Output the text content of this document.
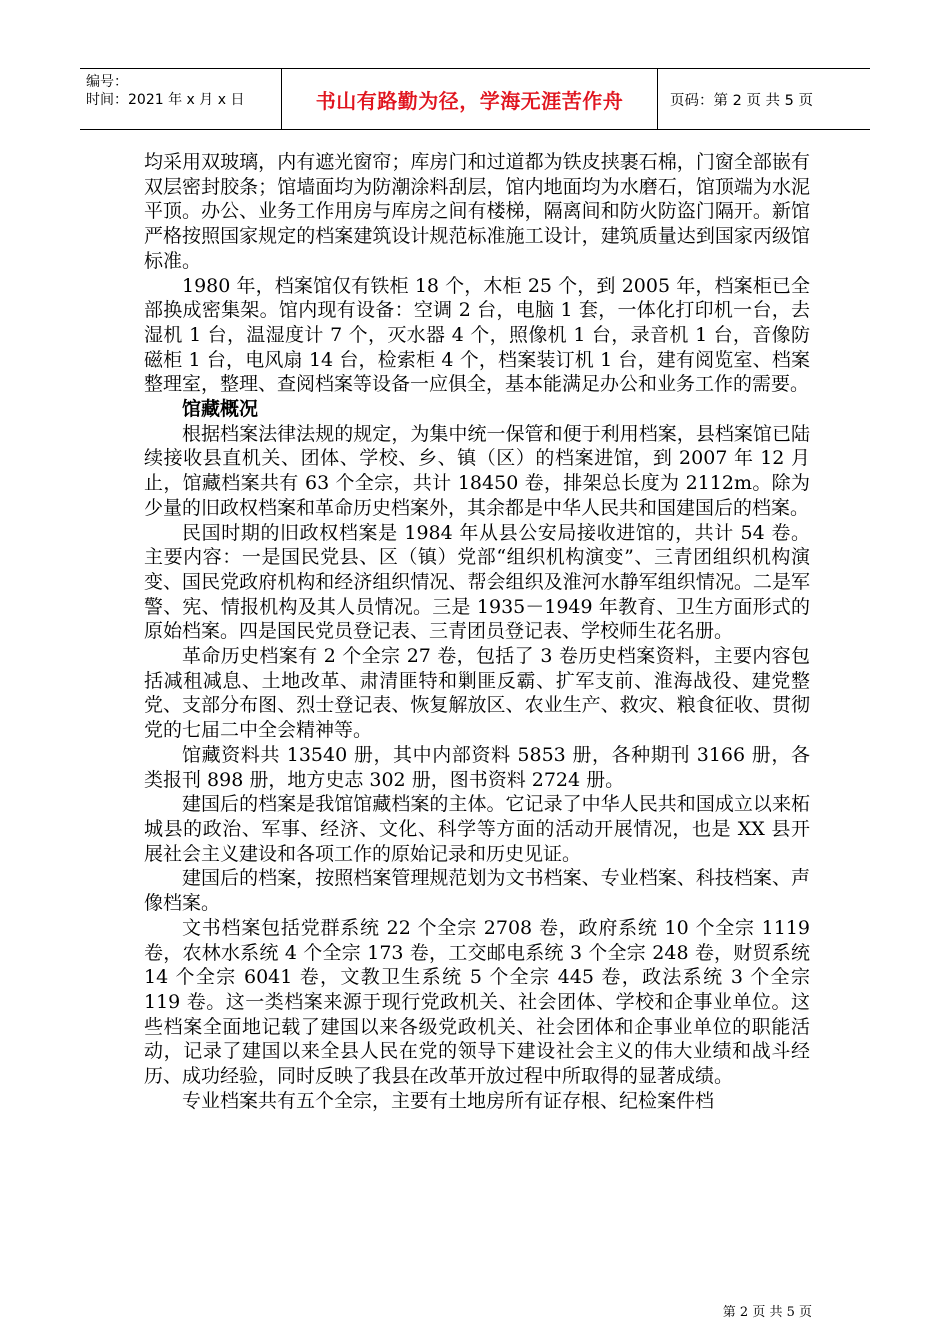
编号：
时间：2021 年 x 月 x 日	书山有路勤为径，学海无涯苦作舟	页码：第 2 页 共 5 页

均采用双玻璃，内有遮光窗帘；库房门和过道都为铁皮挟裹石棉，门窗全部嵌有双层密封胶条；馆墙面均为防潮涂料刮层，馆内地面均为水磨石，馆顶端为水泥平顶。办公、业务工作用房与库房之间有楼梯，隔离间和防火防盗门隔开。新馆严格按照国家规定的档案建筑设计规范标准施工设计，建筑质量达到国家丙级馆标准。

1980 年，档案馆仅有铁柜 18 个，木柜 25 个，到 2005 年，档案柜已全部换成密集架。馆内现有设备：空调 2 台，电脑 1 套，一体化打印机一台，去湿机 1 台，温湿度计 7 个，灭水器 4 个，照像机 1 台，录音机 1 台，音像防磁柜 1 台，电风扇 14 台，检索柜 4 个，档案装订机 1 台，建有阅览室、档案整理室，整理、查阅档案等设备一应俱全，基本能满足办公和业务工作的需要。

馆藏概况

根据档案法律法规的规定，为集中统一保管和便于利用档案，县档案馆已陆续接收县直机关、团体、学校、乡、镇（区）的档案进馆，到 2007 年 12 月止，馆藏档案共有 63 个全宗，共计 18450 卷，排架总长度为 2112m。除为少量的旧政权档案和革命历史档案外，其余都是中华人民共和国建国后的档案。

民国时期的旧政权档案是 1984 年从县公安局接收进馆的，共计 54 卷。主要内容：一是国民党县、区（镇）党部“组织机构演变”、三青团组织机构演变、国民党政府机构和经济组织情况、帮会组织及淮河水静军组织情况。二是军警、宪、情报机构及其人员情况。三是 1935－1949 年教育、卫生方面形式的原始档案。四是国民党员登记表、三青团员登记表、学校师生花名册。

革命历史档案有 2 个全宗 27 卷，包括了 3 卷历史档案资料，主要内容包括减租减息、土地改革、肃清匪特和剿匪反霸、扩军支前、淮海战役、建党整党、支部分布图、烈士登记表、恢复解放区、农业生产、救灾、粮食征收、贯彻党的七届二中全会精神等。

馆藏资料共 13540 册，其中内部资料 5853 册，各种期刊 3166 册，各类报刊 898 册，地方史志 302 册，图书资料 2724 册。

建国后的档案是我馆馆藏档案的主体。它记录了中华人民共和国成立以来柘城县的政治、军事、经济、文化、科学等方面的活动开展情况，也是 XX 县开展社会主义建设和各项工作的原始记录和历史见证。

建国后的档案，按照档案管理规范划为文书档案、专业档案、科技档案、声像档案。

文书档案包括党群系统 22 个全宗 2708 卷，政府系统 10 个全宗 1119 卷，农林水系统 4 个全宗 173 卷，工交邮电系统 3 个全宗 248 卷，财贸系统 14 个全宗 6041 卷，文教卫生系统 5 个全宗 445 卷，政法系统 3 个全宗 119 卷。这一类档案来源于现行党政机关、社会团体、学校和企事业单位。这些档案全面地记载了建国以来各级党政机关、社会团体和企事业单位的职能活动，记录了建国以来全县人民在党的领导下建设社会主义的伟大业绩和战斗经历、成功经验，同时反映了我县在改革开放过程中所取得的显著成绩。

专业档案共有五个全宗，主要有土地房所有证存根、纪检案件档

第 2 页 共 5 页
